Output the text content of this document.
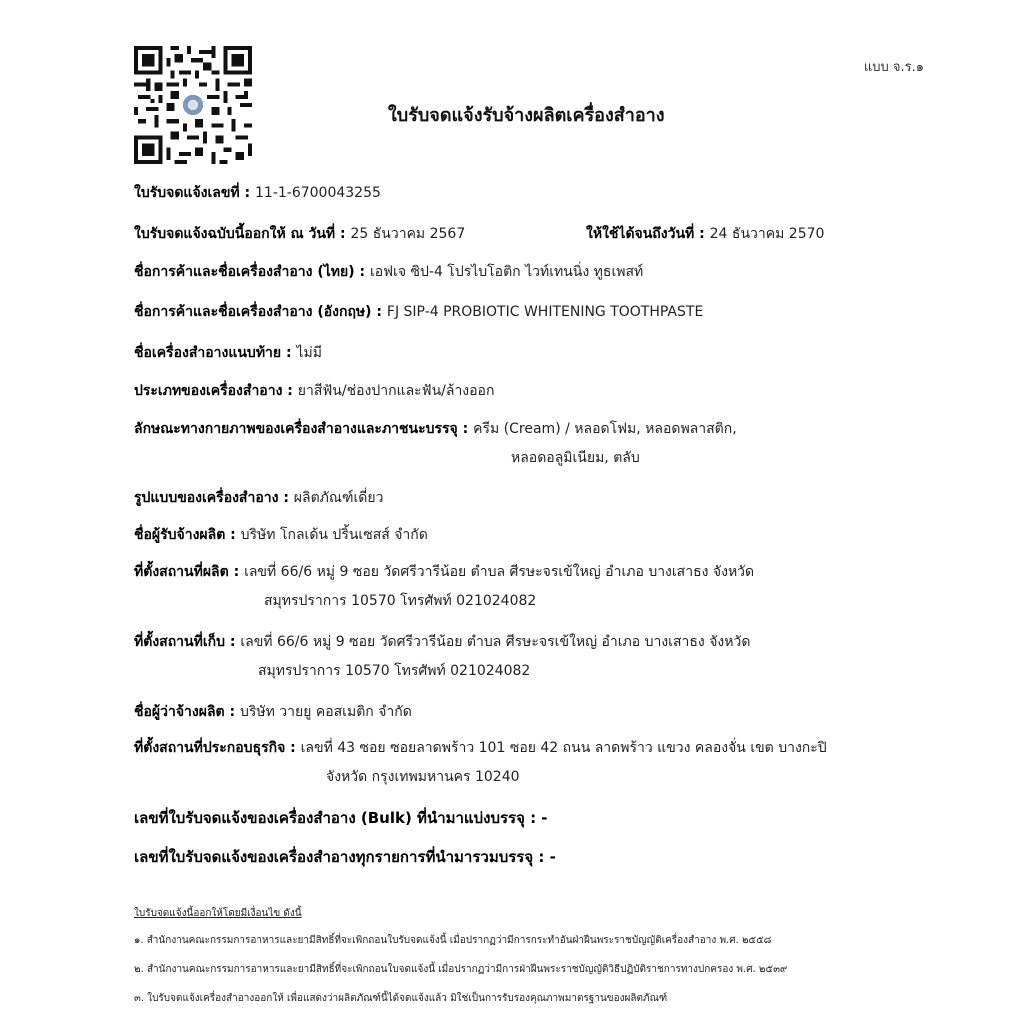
แบบ จ.ร.๑
ใบรับจดแจ้งรับจ้างผลิตเครื่องสำอาง
ใบรับจดแจ้งเลขที่ : 11-1-6700043255
ใบรับจดแจ้งฉบับนี้ออกให้ ณ วันที่ : 25 ธันวาคม 2567	ให้ใช้ได้จนถึงวันที่ : 24 ธันวาคม 2570
ชื่อการค้าและชื่อเครื่องสำอาง (ไทย) : เอฟเจ ซิป-4 โปรไบโอติก ไวท์เทนนิ่ง ทูธเพสท์
ชื่อการค้าและชื่อเครื่องสำอาง (อังกฤษ) : FJ SIP-4 PROBIOTIC WHITENING TOOTHPASTE
ชื่อเครื่องสำอางแนบท้าย : ไม่มี
ประเภทของเครื่องสำอาง : ยาสีฟัน/ช่องปากและฟัน/ล้างออก
ลักษณะทางกายภาพของเครื่องสำอางและภาชนะบรรจุ : ครีม (Cream) / หลอดโฟม, หลอดพลาสติก,
หลอดอลูมิเนียม, ตลับ
รูปแบบของเครื่องสำอาง : ผลิตภัณฑ์เดี่ยว
ชื่อผู้รับจ้างผลิต : บริษัท โกลเด้น ปริ้นเซสส์ จำกัด
ที่ตั้งสถานที่ผลิต : เลขที่ 66/6 หมู่ 9 ซอย วัดศรีวารีน้อย ตำบล ศีรษะจรเข้ใหญ่ อำเภอ บางเสาธง จังหวัด
สมุทรปราการ 10570 โทรศัพท์ 021024082
ที่ตั้งสถานที่เก็บ : เลขที่ 66/6 หมู่ 9 ซอย วัดศรีวารีน้อย ตำบล ศีรษะจรเข้ใหญ่ อำเภอ บางเสาธง จังหวัด
สมุทรปราการ 10570 โทรศัพท์ 021024082
ชื่อผู้ว่าจ้างผลิต : บริษัท วายยู คอสเมติก จำกัด
ที่ตั้งสถานที่ประกอบธุรกิจ : เลขที่ 43 ซอย ซอยลาดพร้าว 101 ซอย 42 ถนน ลาดพร้าว แขวง คลองจั่น เขต บางกะปิ
จังหวัด กรุงเทพมหานคร 10240
เลขที่ใบรับจดแจ้งของเครื่องสำอาง (Bulk) ที่นำมาแบ่งบรรจุ : -
เลขที่ใบรับจดแจ้งของเครื่องสำอางทุกรายการที่นำมารวมบรรจุ : -
ใบรับจดแจ้งนี้ออกให้โดยมีเงื่อนไข ดังนี้
๑. สำนักงานคณะกรรมการอาหารและยามีสิทธิ์ที่จะเพิกถอนใบรับจดแจ้งนี้ เมื่อปรากฏว่ามีการกระทำอันฝ่าฝืนพระราชบัญญัติเครื่องสำอาง พ.ศ. ๒๕๕๘
๒. สำนักงานคณะกรรมการอาหารและยามีสิทธิ์ที่จะเพิกถอนใบจดแจ้งนี้ เมื่อปรากฏว่ามีการฝ่าฝืนพระราชบัญญัติวิธีปฏิบัติราชการทางปกครอง พ.ศ. ๒๕๓๙
๓. ใบรับจดแจ้งเครื่องสำอางออกให้ เพื่อแสดงว่าผลิตภัณฑ์นี้ได้จดแจ้งแล้ว มิใช่เป็นการรับรองคุณภาพมาตรฐานของผลิตภัณฑ์
